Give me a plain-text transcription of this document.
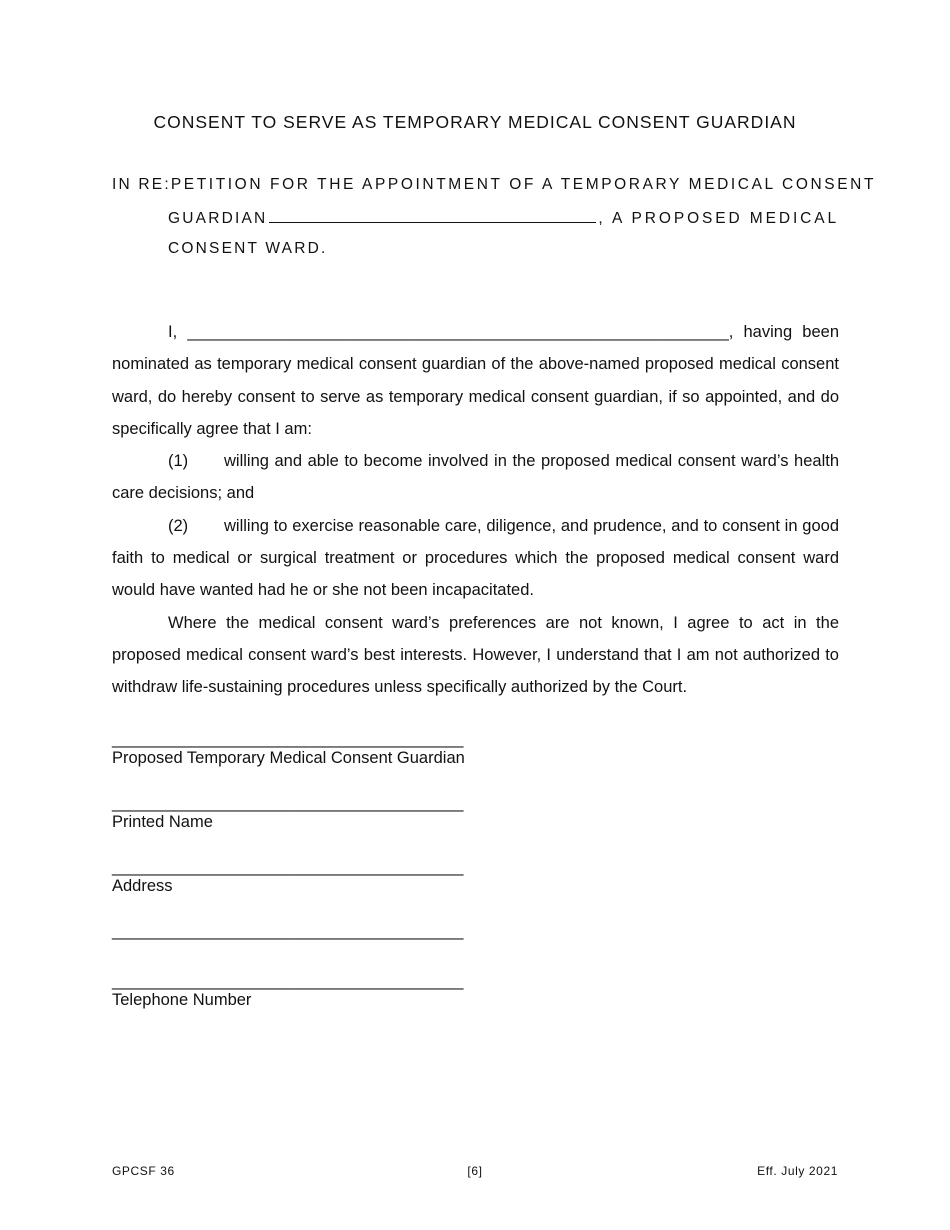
CONSENT TO SERVE AS TEMPORARY MEDICAL CONSENT GUARDIAN
IN RE: PETITION FOR THE APPOINTMENT OF A TEMPORARY MEDICAL CONSENT
GUARDIAN	, A PROPOSED MEDICAL
CONSENT WARD.

I, ___________________________________________________________, having been nominated as temporary medical consent guardian of the above-named proposed medical consent ward, do hereby consent to serve as temporary medical consent guardian, if so appointed, and do specifically agree that I am:

(1) willing and able to become involved in the proposed medical consent ward’s health care decisions; and

(2) willing to exercise reasonable care, diligence, and prudence, and to consent in good faith to medical or surgical treatment or procedures which the proposed medical consent ward would have wanted had he or she not been incapacitated.

Where the medical consent ward’s preferences are not known, I agree to act in the proposed medical consent ward’s best interests. However, I understand that I am not authorized to withdraw life-sustaining procedures unless specifically authorized by the Court.

________________________________________
Proposed Temporary Medical Consent Guardian
________________________________________
Printed Name
________________________________________
Address
________________________________________
________________________________________
Telephone Number
GPCSF 36	[6]	Eff. July 2021
